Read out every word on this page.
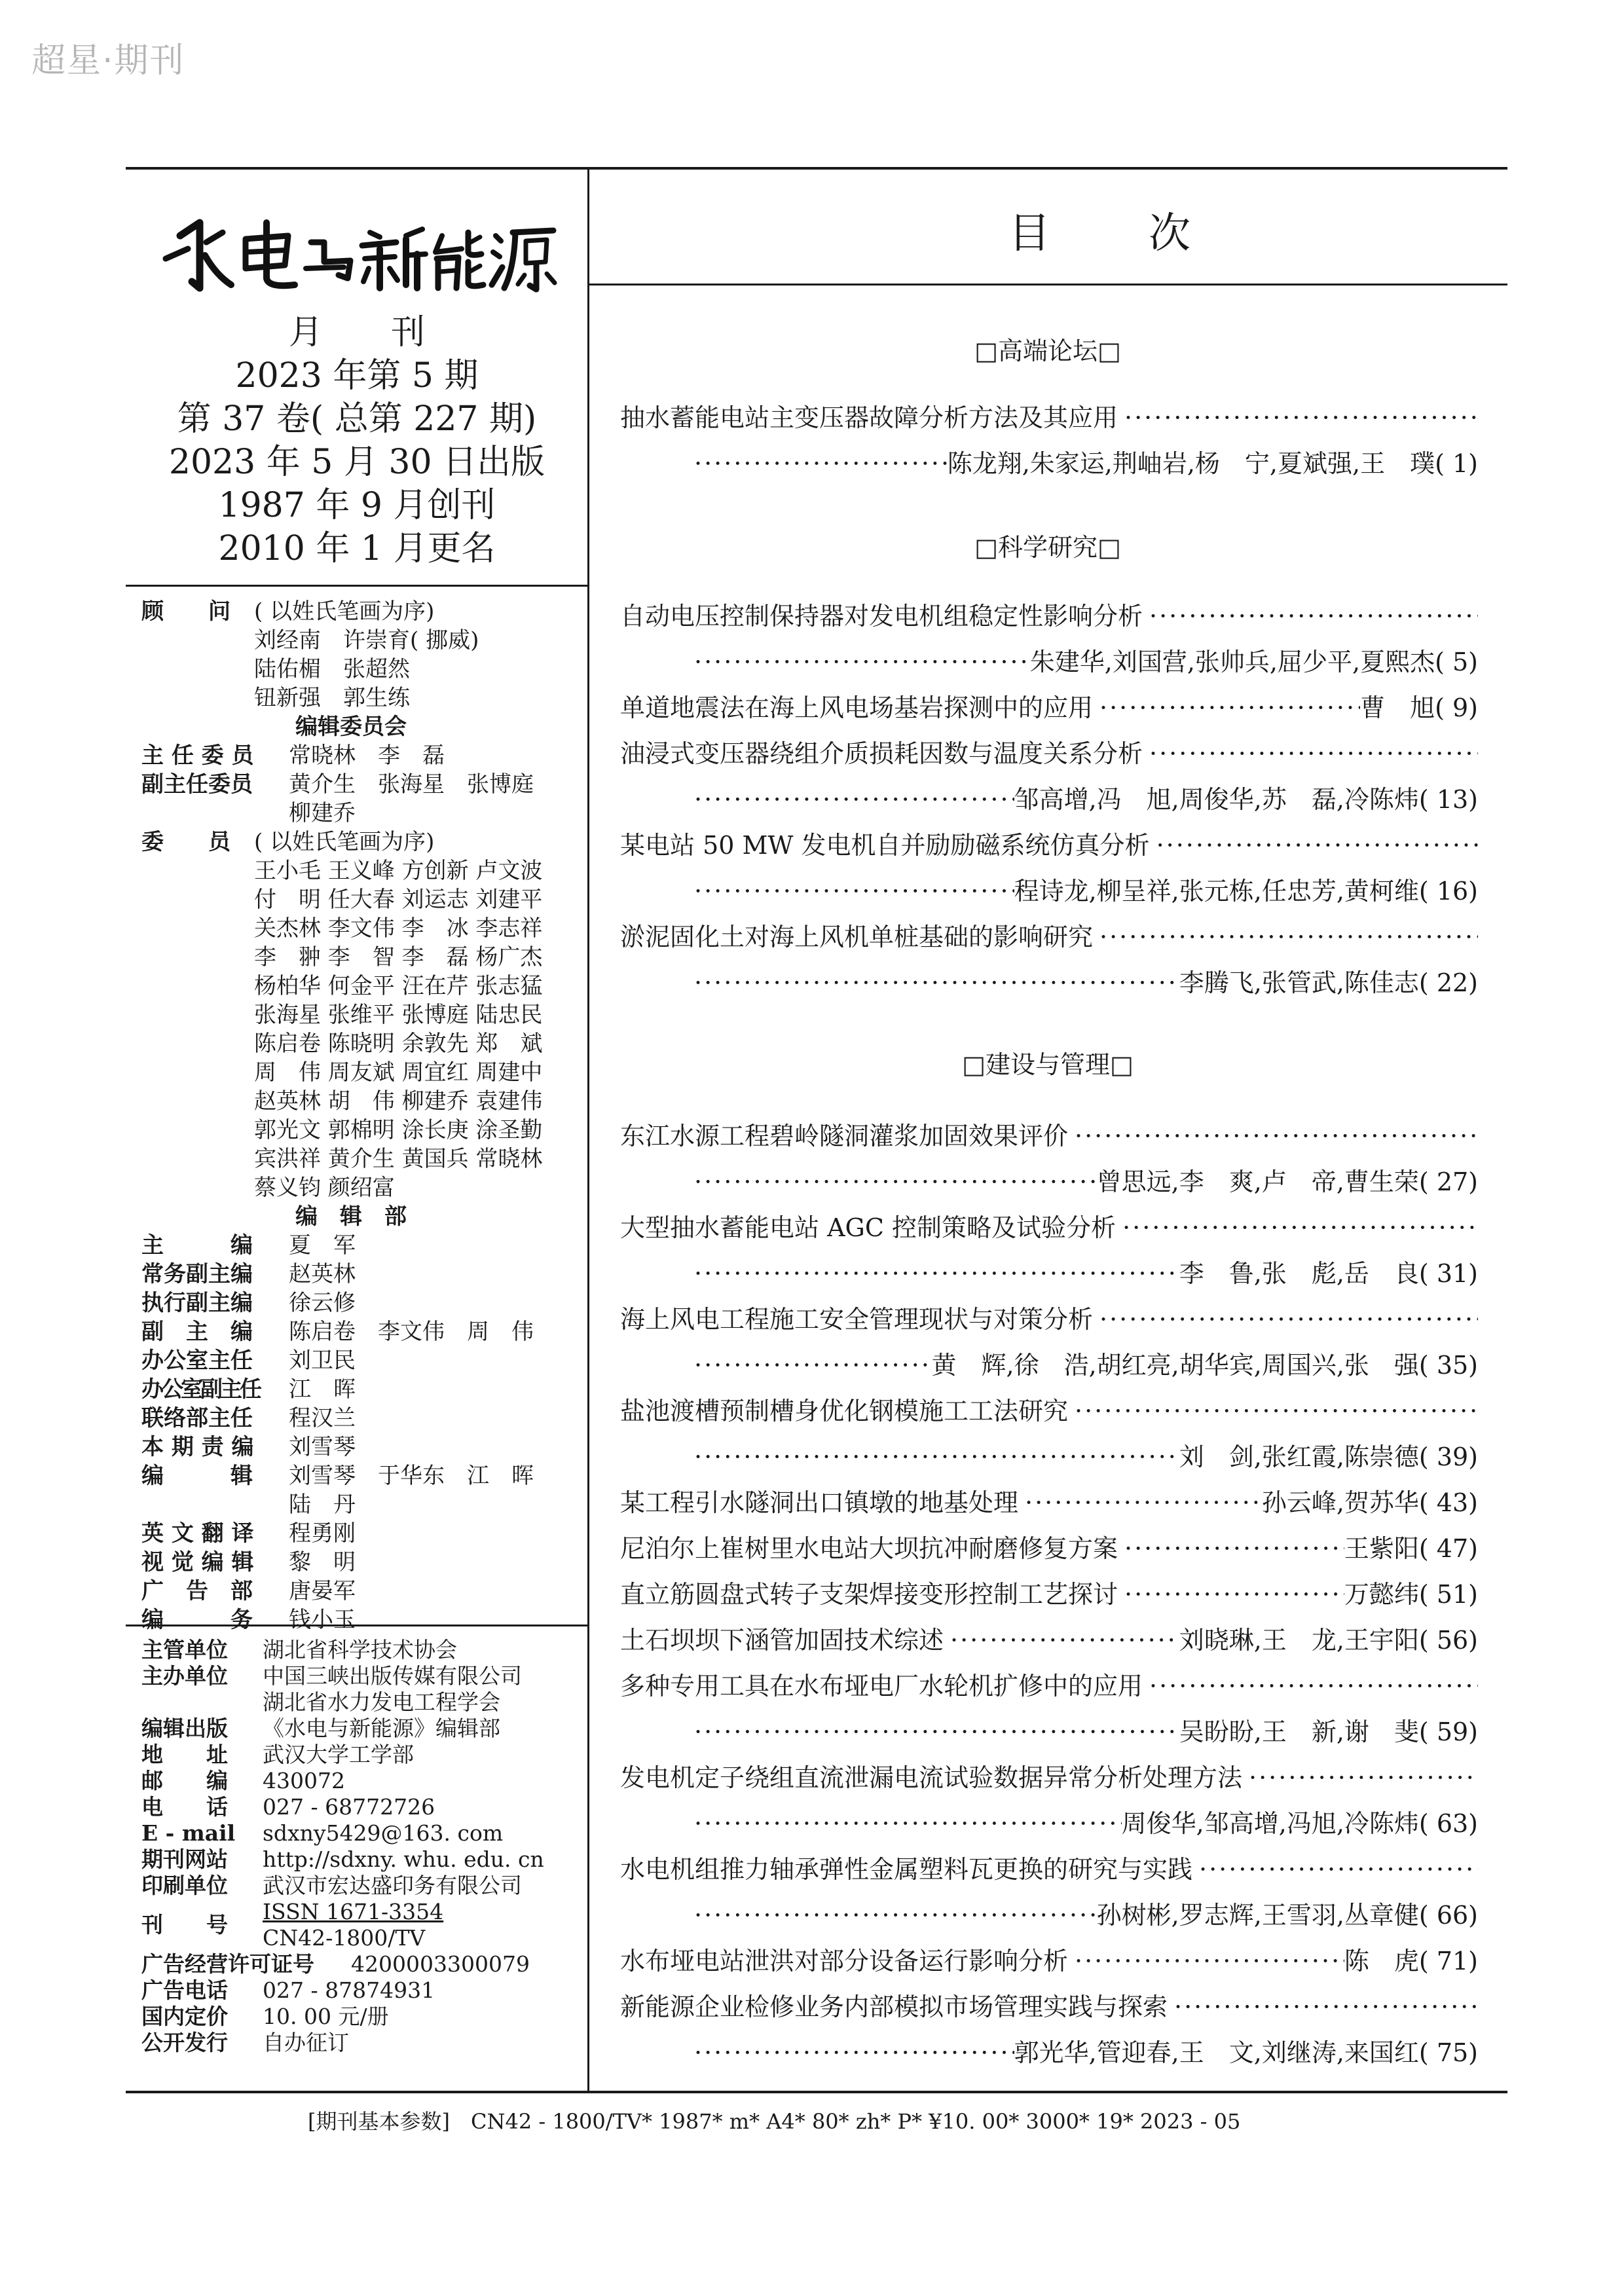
超星·期刊
月　　刊
2023 年第 5 期
第 37 卷( 总第 227 期)
2023 年 5 月 30 日出版
1987 年 9 月创刊
2010 年 1 月更名
顾　　问	( 以姓氏笔画为序)
刘经南　许崇育( 挪威)
陆佑楣　张超然
钮新强　郭生练
编辑委员会
主 任 委 员	常晓林　李　磊
副主任委员	黄介生　张海星　张博庭
柳建乔
委　　员	( 以姓氏笔画为序)
王小毛 王义峰 方创新 卢文波
付　明 任大春 刘运志 刘建平
关杰林 李文伟 李　冰 李志祥
李　翀 李　智 李　磊 杨广杰
杨柏华 何金平 汪在芹 张志猛
张海星 张维平 张博庭 陆忠民
陈启卷 陈晓明 余敦先 郑　斌
周　伟 周友斌 周宜红 周建中
赵英林 胡　伟 柳建乔 袁建伟
郭光文 郭棉明 涂长庚 涂圣勤
宾洪祥 黄介生 黄国兵 常晓林
蔡义钧 颜绍富
编　辑　部
主　　　编	夏　军
常务副主编	赵英林
执行副主编	徐云修
副　主　编	陈启卷　李文伟　周　伟
办公室主任	刘卫民
办公室副主任	江　晖
联络部主任	程汉兰
本 期 责 编	刘雪琴
编　　　辑	刘雪琴　于华东　江　晖
陆　丹
英 文 翻 译	程勇刚
视 觉 编 辑	黎　明
广　告　部	唐晏军
编　　　务	钱小玉
主管单位	湖北省科学技术协会
主办单位	中国三峡出版传媒有限公司
湖北省水力发电工程学会
编辑出版	《水电与新能源》编辑部
地　　址	武汉大学工学部
邮　　编	430072
电　　话	027 - 68772726
E - mail	sdxny5429@163. com
期刊网站	http://sdxny. whu. edu. cn
印刷单位	武汉市宏达盛印务有限公司
刊　　号
ISSN 1671-3354
CN42-1800/TV
广告经营许可证号	4200003300079
广告电话	027 - 87874931
国内定价	10. 00 元/册
公开发行	自办征订
目次
□高端论坛□
抽水蓄能电站主变压器故障分析方法及其应用
·····
·····
陈龙翔,朱家运,荆岫岩,杨　宁,夏斌强,王　璞( 1)
□科学研究□
自动电压控制保持器对发电机组稳定性影响分析
·····
·····
朱建华,刘国营,张帅兵,屈少平,夏熙杰( 5)
单道地震法在海上风电场基岩探测中的应用 ·····	曹　旭( 9)
油浸式变压器绕组介质损耗因数与温度关系分析
·····
·····
邹高增,冯　旭,周俊华,苏　磊,冷陈炜( 13)
某电站 50 MW 发电机自并励励磁系统仿真分析
·····
·····
程诗龙,柳呈祥,张元栋,任忠芳,黄柯维( 16)
淤泥固化土对海上风机单桩基础的影响研究
·····
·····
李腾飞,张管武,陈佳志( 22)
□建设与管理□
东江水源工程碧岭隧洞灌浆加固效果评价
·····
·····
曾思远,李　爽,卢　帝,曹生荣( 27)
大型抽水蓄能电站 AGC 控制策略及试验分析
·····
·····
李　鲁,张　彪,岳　良( 31)
海上风电工程施工安全管理现状与对策分析
·····
·····
黄　辉,徐　浩,胡红亮,胡华宾,周国兴,张　强( 35)
盐池渡槽预制槽身优化钢模施工工法研究
·····
·····
刘　剑,张红霞,陈崇德( 39)
某工程引水隧洞出口镇墩的地基处理 ·····	孙云峰,贺苏华( 43)
尼泊尔上崔树里水电站大坝抗冲耐磨修复方案 ·····	王紫阳( 47)
直立筋圆盘式转子支架焊接变形控制工艺探讨 ·····	万懿纬( 51)
土石坝坝下涵管加固技术综述 ·····	刘晓琳,王　龙,王宇阳( 56)
多种专用工具在水布垭电厂水轮机扩修中的应用
·····
·····
吴盼盼,王　新,谢　斐( 59)
发电机定子绕组直流泄漏电流试验数据异常分析处理方法
·····
·····
周俊华,邹高增,冯旭,冷陈炜( 63)
水电机组推力轴承弹性金属塑料瓦更换的研究与实践
·····
·····
孙树彬,罗志辉,王雪羽,丛章健( 66)
水布垭电站泄洪对部分设备运行影响分析 ·····	陈　虎( 71)
新能源企业检修业务内部模拟市场管理实践与探索
·····
·····
郭光华,管迎春,王　文,刘继涛,来国红( 75)
[期刊基本参数]　CN42 - 1800/TV* 1987* m* A4* 80* zh* P* ¥10. 00* 3000* 19* 2023 - 05
